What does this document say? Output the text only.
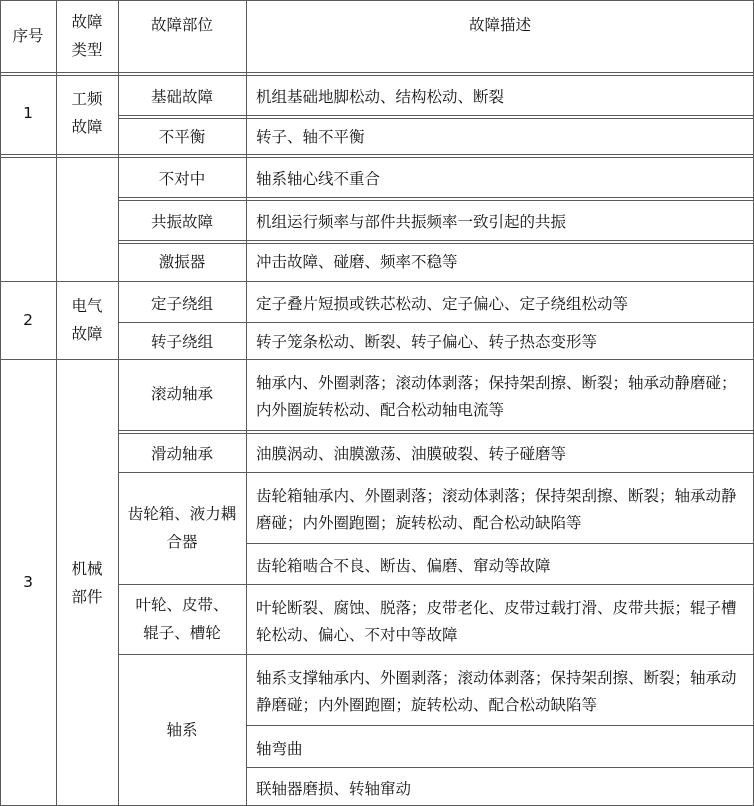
序号
故障类型
故障部位	故障描述
1
工频故障
2
电气故障
3
机械部件
基础故障
不平衡
不对中
共振故障
激振器
定子绕组
转子绕组
滚动轴承
滑动轴承
齿轮箱、液力耦合器
叶轮、皮带、辊子、槽轮
轴系
机组基础地脚松动、结构松动、断裂
转子、轴不平衡
轴系轴心线不重合
机组运行频率与部件共振频率一致引起的共振
冲击故障、碰磨、频率不稳等
定子叠片短损或铁芯松动、定子偏心、定子绕组松动等
转子笼条松动、断裂、转子偏心、转子热态变形等
轴承内、外圈剥落；滚动体剥落；保持架刮擦、断裂；轴承动静磨碰；内外圈旋转松动、配合松动轴电流等
油膜涡动、油膜激荡、油膜破裂、转子碰磨等
齿轮箱轴承内、外圈剥落；滚动体剥落；保持架刮擦、断裂；轴承动静磨碰；内外圈跑圈；旋转松动、配合松动缺陷等
齿轮箱啮合不良、断齿、偏磨、窜动等故障
叶轮断裂、腐蚀、脱落；皮带老化、皮带过载打滑、皮带共振；辊子槽轮松动、偏心、不对中等故障
轴系支撑轴承内、外圈剥落；滚动体剥落；保持架刮擦、断裂；轴承动静磨碰；内外圈跑圈；旋转松动、配合松动缺陷等
轴弯曲
联轴器磨损、转轴窜动
